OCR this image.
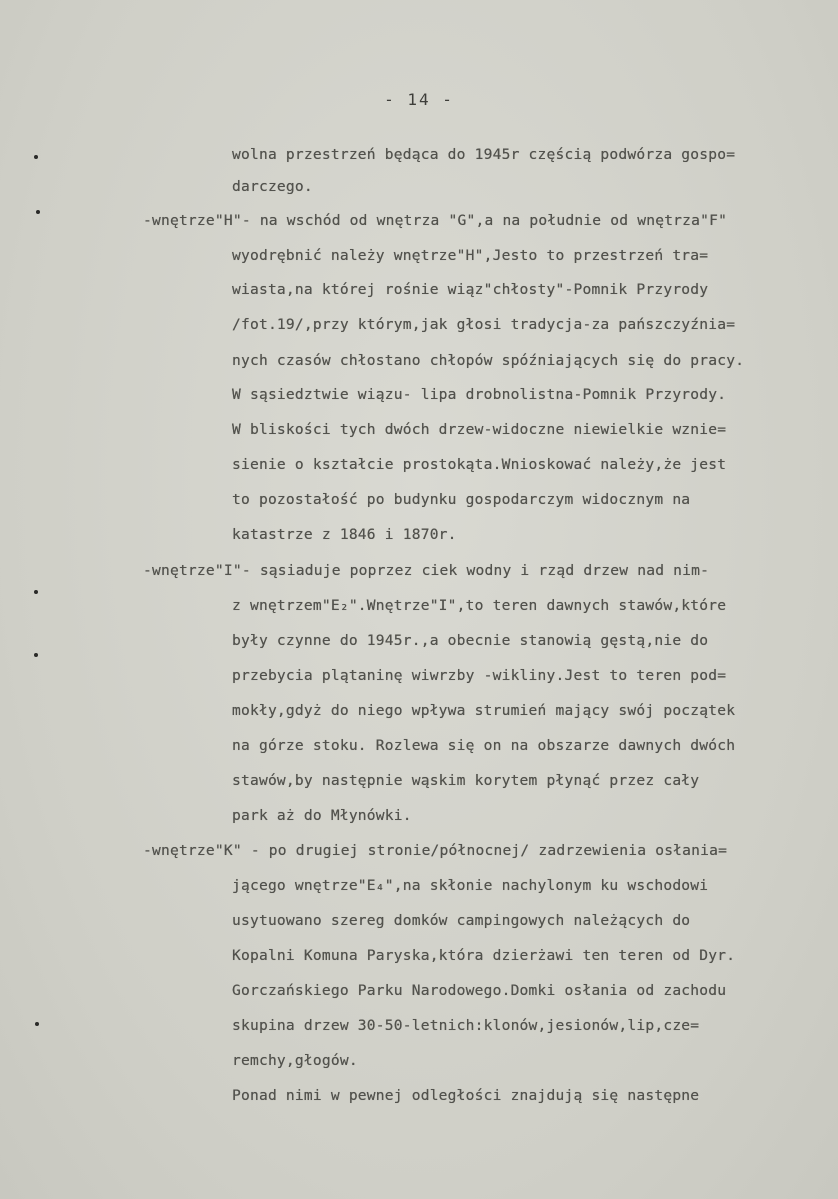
- 14 -
wolna przestrzeń będąca do 1945r częścią podwórza gospo=
darczego.
-wnętrze"H"- na wschód od wnętrza "G",a na południe od wnętrza"F"
wyodrębnić należy wnętrze"H",Jesto to przestrzeń tra=
wiasta,na której rośnie wiąz"chłosty"-Pomnik Przyrody
/fot.19/,przy którym,jak głosi tradycja-za pańszczyźnia=
nych czasów chłostano chłopów spóźniających się do pracy.
W sąsiedztwie wiązu- lipa drobnolistna-Pomnik Przyrody.
W bliskości tych dwóch drzew-widoczne niewielkie wznie=
sienie o kształcie prostokąta.Wnioskować należy,że jest
to pozostałość po budynku gospodarczym widocznym na
katastrze z 1846 i 1870r.
-wnętrze"I"- sąsiaduje poprzez ciek wodny i rząd drzew nad nim-
z wnętrzem"E₂".Wnętrze"I",to teren dawnych stawów,które
były czynne do 1945r.,a obecnie stanowią gęstą,nie do
przebycia plątaninę wiwrzby -wikliny.Jest to teren pod=
mokły,gdyż do niego wpływa strumień mający swój początek
na górze stoku. Rozlewa się on na obszarze dawnych dwóch
stawów,by następnie wąskim korytem płynąć przez cały
park aż do Młynówki.
-wnętrze"K" - po drugiej stronie/północnej/ zadrzewienia osłania=
jącego wnętrze"E₄",na skłonie nachylonym ku wschodowi
usytuowano szereg domków campingowych należących do
Kopalni Komuna Paryska,która dzierżawi ten teren od Dyr.
Gorczańskiego Parku Narodowego.Domki osłania od zachodu
skupina drzew 30-50-letnich:klonów,jesionów,lip,cze=
remchy,głogów.
Ponad nimi w pewnej odległości znajdują się następne
